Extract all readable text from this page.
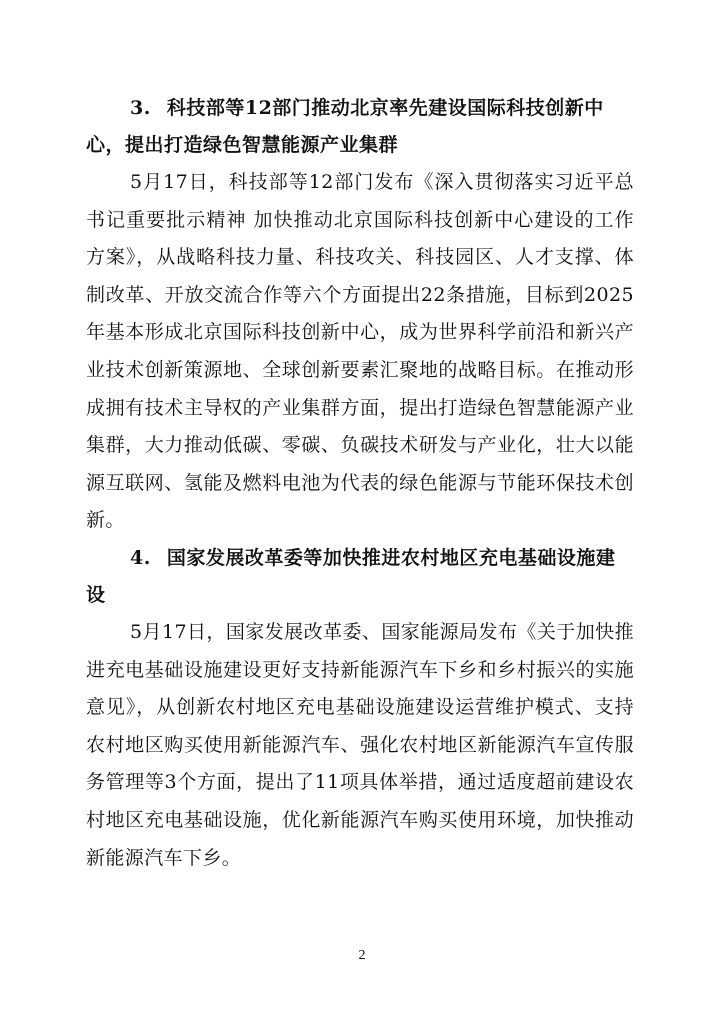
3. 科技部等12部门推动北京率先建设国际科技创新中心，提出打造绿色智慧能源产业集群

5月17日，科技部等12部门发布《深入贯彻落实习近平总书记重要批示精神 加快推动北京国际科技创新中心建设的工作方案》，从战略科技力量、科技攻关、科技园区、人才支撑、体制改革、开放交流合作等六个方面提出22条措施，目标到2025年基本形成北京国际科技创新中心，成为世界科学前沿和新兴产业技术创新策源地、全球创新要素汇聚地的战略目标。在推动形成拥有技术主导权的产业集群方面，提出打造绿色智慧能源产业集群，大力推动低碳、零碳、负碳技术研发与产业化，壮大以能源互联网、氢能及燃料电池为代表的绿色能源与节能环保技术创新。

4. 国家发展改革委等加快推进农村地区充电基础设施建设

5月17日，国家发展改革委、国家能源局发布《关于加快推进充电基础设施建设更好支持新能源汽车下乡和乡村振兴的实施意见》，从创新农村地区充电基础设施建设运营维护模式、支持农村地区购买使用新能源汽车、强化农村地区新能源汽车宣传服务管理等3个方面，提出了11项具体举措，通过适度超前建设农村地区充电基础设施，优化新能源汽车购买使用环境，加快推动新能源汽车下乡。

2
